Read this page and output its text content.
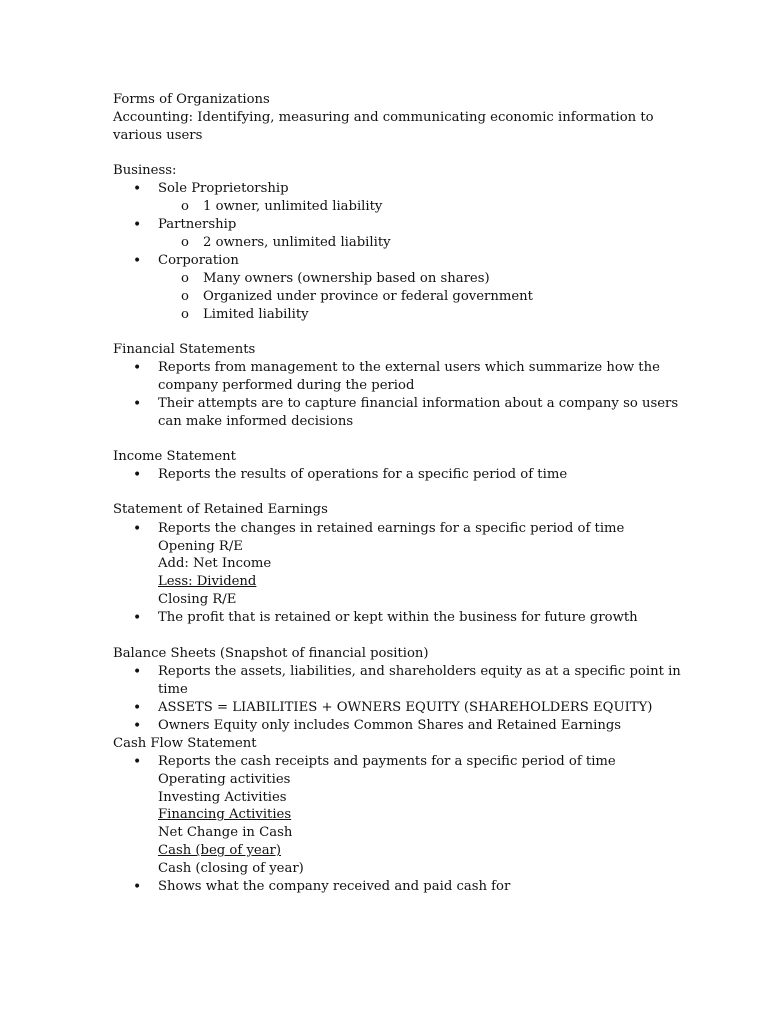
Forms of Organizations
Accounting: Identifying, measuring and communicating economic information to
various users
Business:
• Sole Proprietorship
o 1 owner, unlimited liability
• Partnership
o 2 owners, unlimited liability
• Corporation
o Many owners (ownership based on shares)
o Organized under province or federal government
o Limited liability
Financial Statements
• Reports from management to the external users which summarize how the
company performed during the period
• Their attempts are to capture financial information about a company so users
can make informed decisions
Income Statement
• Reports the results of operations for a specific period of time
Statement of Retained Earnings
• Reports the changes in retained earnings for a specific period of time
Opening R/E
Add: Net Income
Less: Dividend
Closing R/E
• The profit that is retained or kept within the business for future growth
Balance Sheets (Snapshot of financial position)
• Reports the assets, liabilities, and shareholders equity as at a specific point in
time
• ASSETS = LIABILITIES + OWNERS EQUITY (SHAREHOLDERS EQUITY)
• Owners Equity only includes Common Shares and Retained Earnings
Cash Flow Statement
• Reports the cash receipts and payments for a specific period of time
Operating activities
Investing Activities
Financing Activities
Net Change in Cash
Cash (beg of year)
Cash (closing of year)
• Shows what the company received and paid cash for
